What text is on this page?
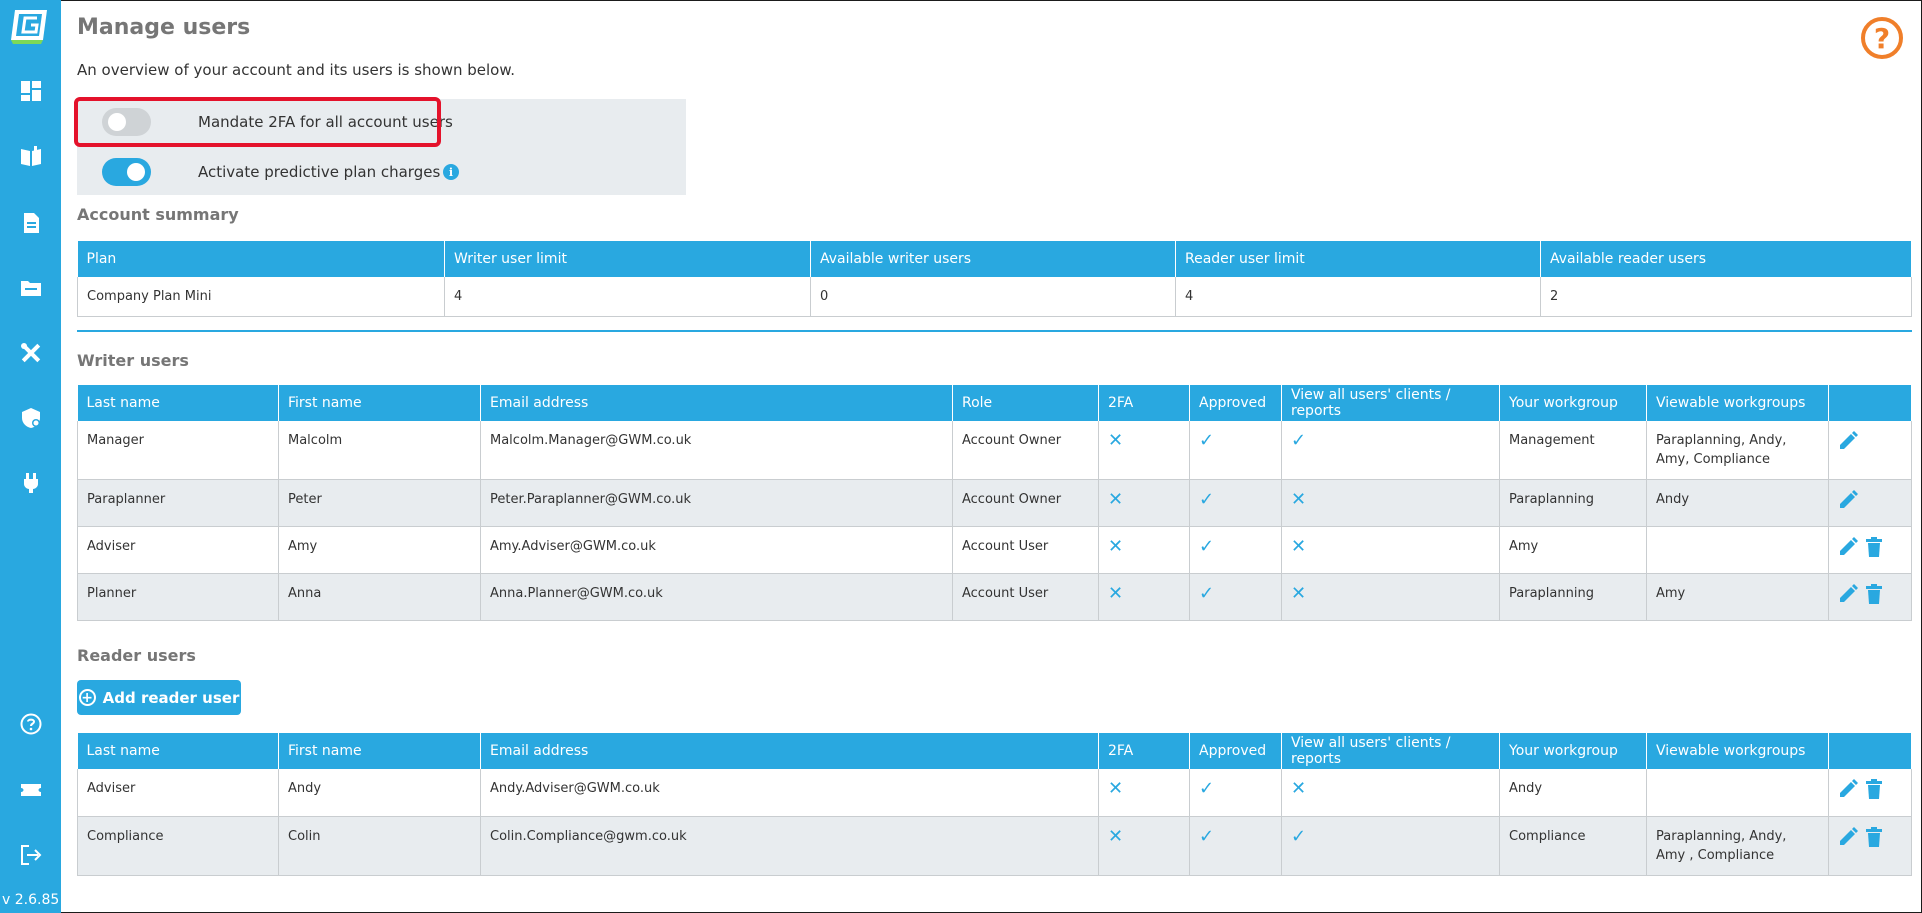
v 2.6.85
Manage users	?
An overview of your account and its users is shown below.
Mandate 2FA for all account users
Activate predictive plan charges i
Account summary
Plan	Writer user limit	Available writer users	Reader user limit	Available reader users
Company Plan Mini	4	0	4	2
Writer users
Last name	First name	Email address	Role	2FA	Approved	View all users' clients / reports	Your workgroup	Viewable workgroups	
Manager	Malcolm	Malcolm.Manager@GWM.co.uk	Account Owner	✕	✓	✓	Management	Paraplanning, Andy, Amy, Compliance	

Paraplanner	Peter	Peter.Paraplanner@GWM.co.uk	Account Owner	✕	✓	✕	Paraplanning	Andy	

Adviser	Amy	Amy.Adviser@GWM.co.uk	Account User	✕	✓	✕	Amy		

Planner	Anna	Anna.Planner@GWM.co.uk	Account User	✕	✓	✕	Paraplanning	Amy	
Reader users
+ Add reader user
Last name	First name	Email address	2FA	Approved	View all users' clients / reports	Your workgroup	Viewable workgroups	
Adviser	Andy	Andy.Adviser@GWM.co.uk	✕	✓	✕	Andy		

Compliance	Colin	Colin.Compliance@gwm.co.uk	✕	✓	✓	Compliance	Paraplanning, Andy, Amy , Compliance	
